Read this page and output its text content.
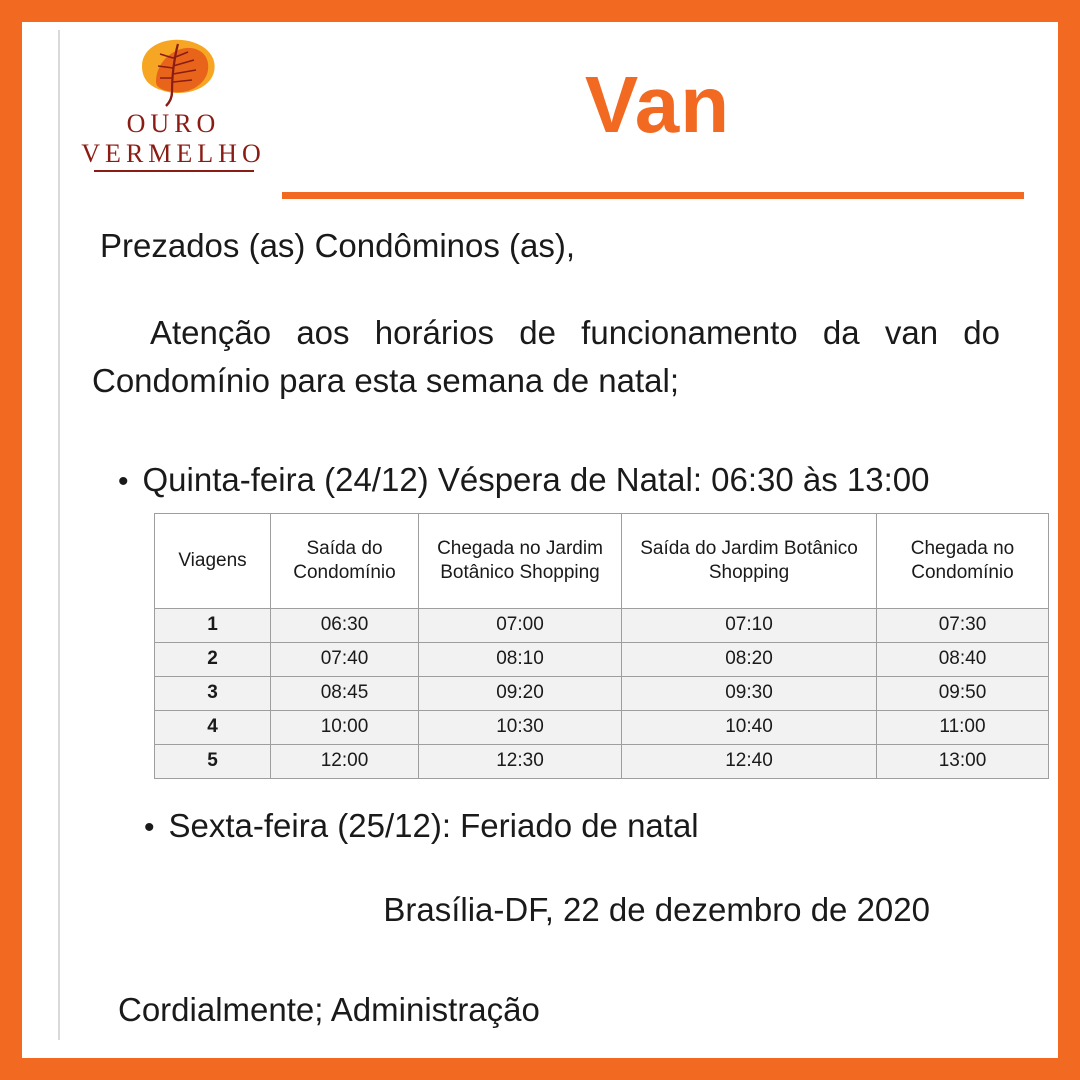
OURO
VERMELHO
Van
Prezados (as) Condôminos (as),
Atenção aos horários de funcionamento da van do Condomínio para esta semana de natal;
• Quinta-feira (24/12) Véspera de Natal: 06:30 às 13:00
Viagens	Saída do Condomínio	Chegada no Jardim Botânico Shopping	Saída do Jardim Botânico Shopping	Chegada no Condomínio
1	06:30	07:00	07:10	07:30
2	07:40	08:10	08:20	08:40
3	08:45	09:20	09:30	09:50
4	10:00	10:30	10:40	11:00
5	12:00	12:30	12:40	13:00
• Sexta-feira (25/12): Feriado de natal
Brasília-DF, 22 de dezembro de 2020
Cordialmente; Administração
